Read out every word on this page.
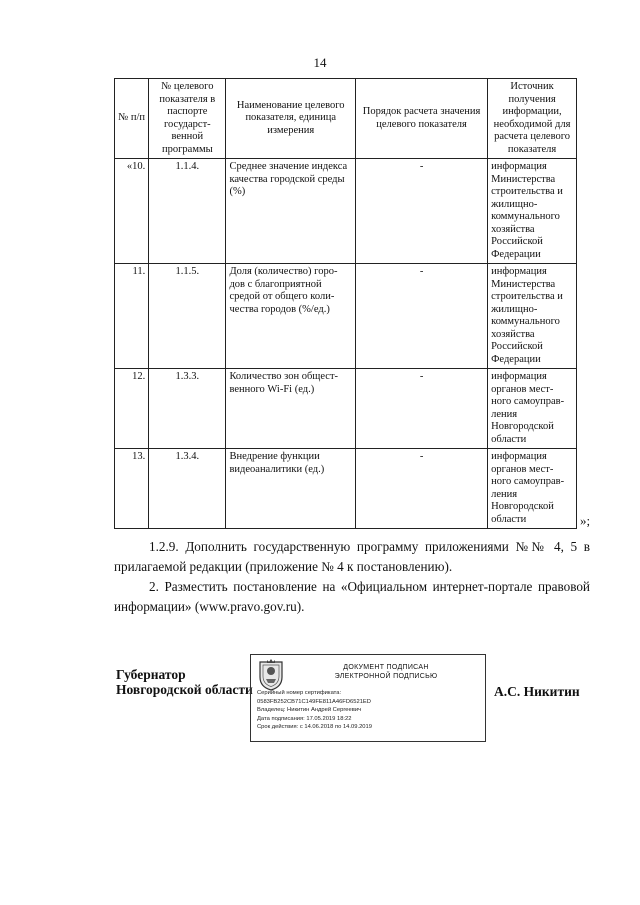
14
№ п/п	№ целевого показателя в паспорте государст-венной программы	Наименование целевого показателя, единица измерения	Порядок расчета значения целевого показателя	Источник получения информации, необходимой для расчета целевого показателя
«10.	1.1.4.	Среднее значение индекса качества городской среды (%)	-	информация Министерства строительства и жилищно-коммунального хозяйства Российской Федерации
11.	1.1.5.	Доля (количество) горо-дов с благоприятной средой от общего коли-чества городов (%/ед.)	-	информация Министерства строительства и жилищно-коммунального хозяйства Российской Федерации
12.	1.3.3.	Количество зон общест-венного Wi-Fi (ед.)	-	информация органов мест-ного самоуправ-ления Новгородской области
13.	1.3.4.	Внедрение функции видеоаналитики (ед.)	-	информация органов мест-ного самоуправ-ления Новгородской области	»;

1.2.9. Дополнить государственную программу приложениями №№ 4, 5 в прилагаемой редакции (приложение № 4 к постановлению).

2. Разместить постановление на «Официальном интернет-портале правовой информации» (www.pravo.gov.ru).

Губернатор
Новгородской области
ДОКУМЕНТ ПОДПИСАН
ЭЛЕКТРОННОЙ ПОДПИСЬЮ
Серийный номер сертификата:
0583FB252CB71C149FE811A46FD6521ED
Владелец: Никитин Андрей Сергеевич
Дата подписания: 17.05.2019 18:22
Срок действия: с 14.06.2018 по 14.09.2019
А.С. Никитин
